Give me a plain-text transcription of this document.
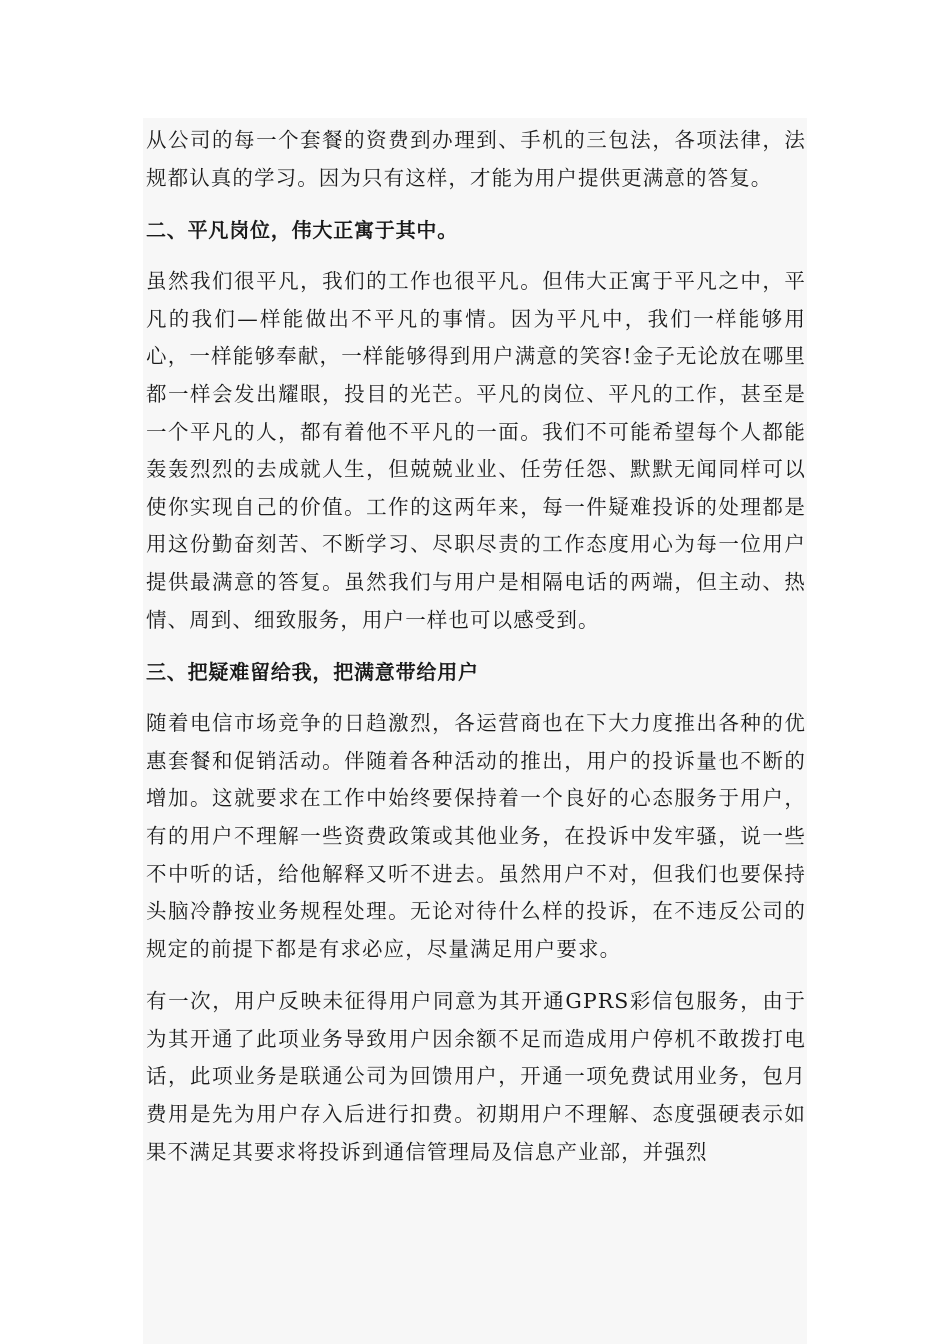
从公司的每一个套餐的资费到办理到、手机的三包法，各项法律，法规都认真的学习。因为只有这样，才能为用户提供更满意的答复。

二、平凡岗位，伟大正寓于其中。

虽然我们很平凡，我们的工作也很平凡。但伟大正寓于平凡之中，平凡的我们—样能做出不平凡的事情。因为平凡中，我们一样能够用心，一样能够奉献，一样能够得到用户满意的笑容!金子无论放在哪里都一样会发出耀眼，投目的光芒。平凡的岗位、平凡的工作，甚至是一个平凡的人，都有着他不平凡的一面。我们不可能希望每个人都能轰轰烈烈的去成就人生，但兢兢业业、任劳任怨、默默无闻同样可以使你实现自己的价值。工作的这两年来，每一件疑难投诉的处理都是用这份勤奋刻苦、不断学习、尽职尽责的工作态度用心为每一位用户提供最满意的答复。虽然我们与用户是相隔电话的两端，但主动、热情、周到、细致服务，用户一样也可以感受到。

三、把疑难留给我，把满意带给用户

随着电信市场竞争的日趋激烈，各运营商也在下大力度推出各种的优惠套餐和促销活动。伴随着各种活动的推出，用户的投诉量也不断的增加。这就要求在工作中始终要保持着一个良好的心态服务于用户，有的用户不理解一些资费政策或其他业务，在投诉中发牢骚，说一些不中听的话，给他解释又听不进去。虽然用户不对，但我们也要保持头脑冷静按业务规程处理。无论对待什么样的投诉，在不违反公司的规定的前提下都是有求必应，尽量满足用户要求。

有一次，用户反映未征得用户同意为其开通GPRS彩信包服务，由于为其开通了此项业务导致用户因余额不足而造成用户停机不敢拨打电话，此项业务是联通公司为回馈用户，开通一项免费试用业务，包月费用是先为用户存入后进行扣费。初期用户不理解、态度强硬表示如果不满足其要求将投诉到通信管理局及信息产业部，并强烈
